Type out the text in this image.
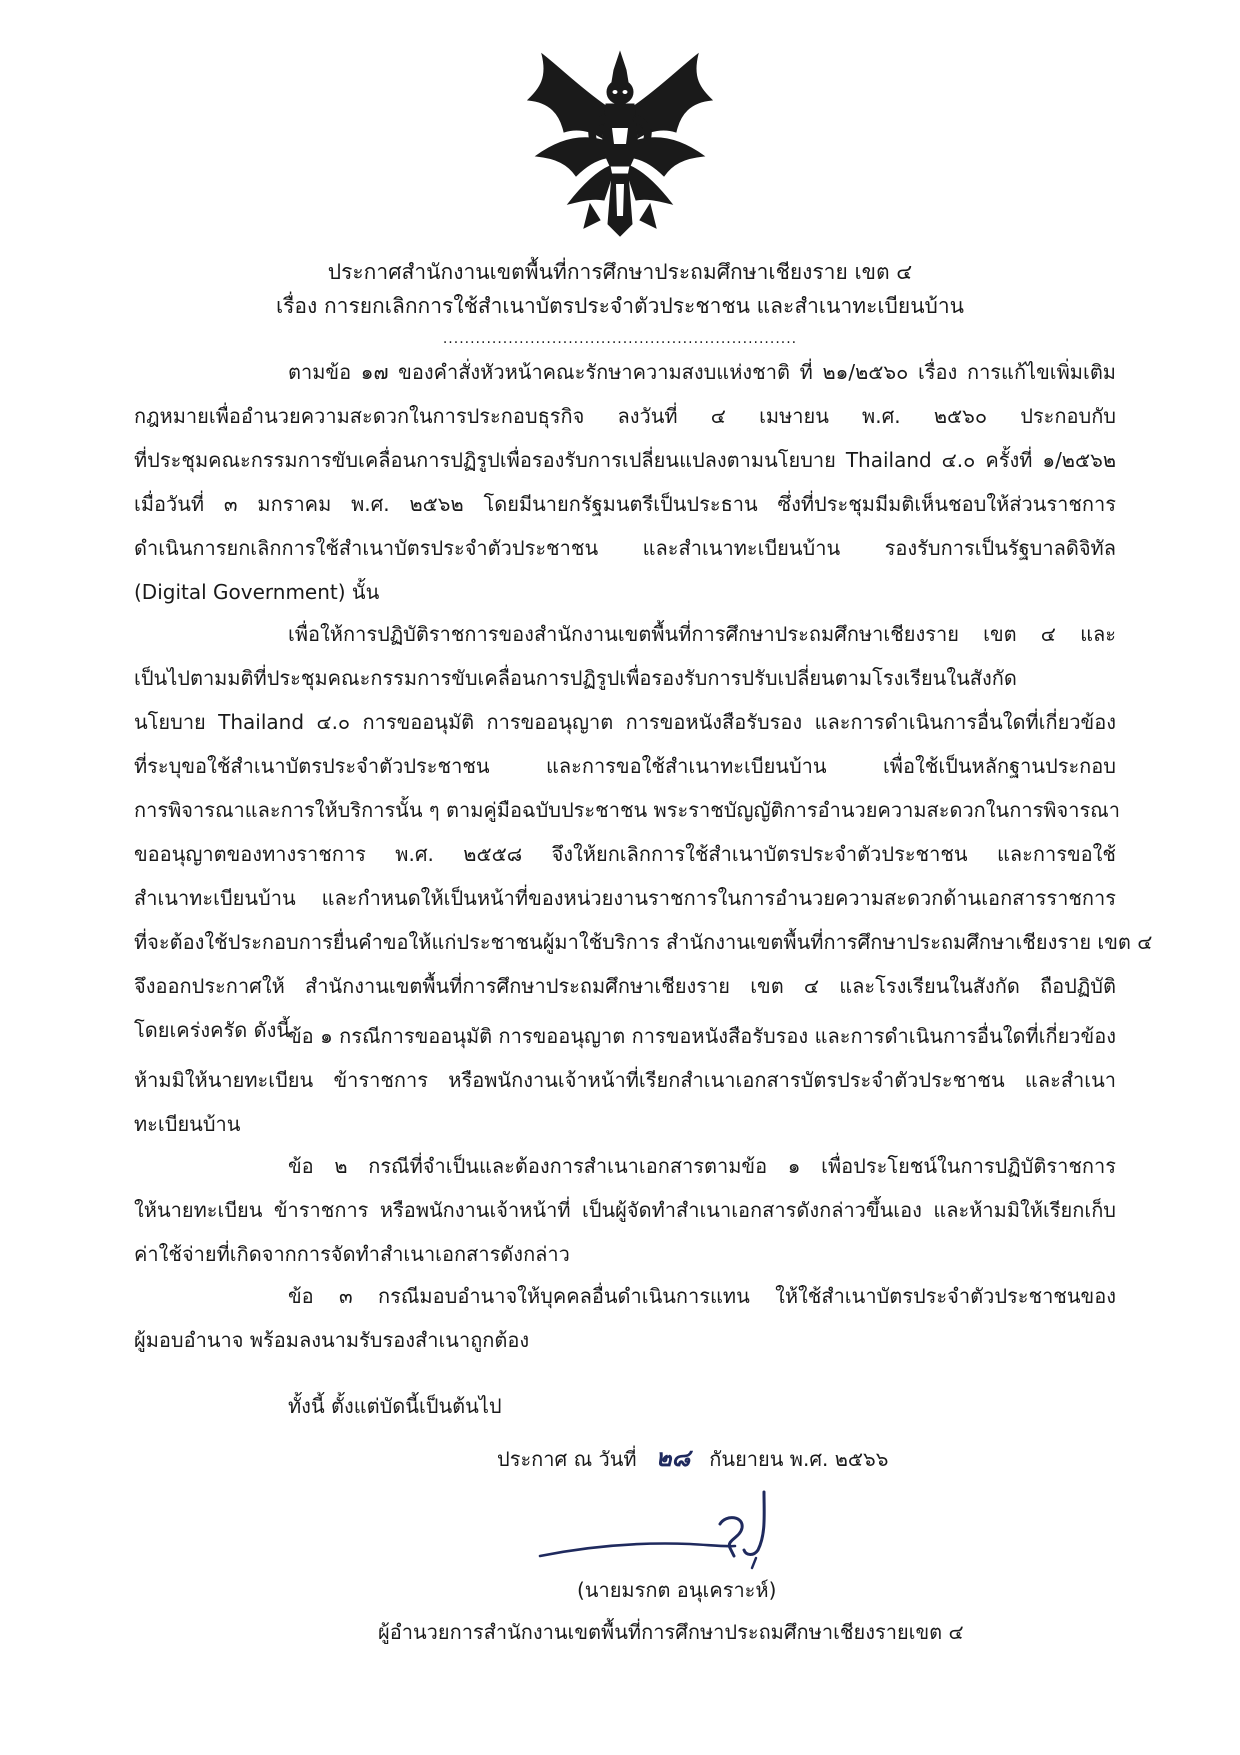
ประกาศสำนักงานเขตพื้นที่การศึกษาประถมศึกษาเชียงราย เขต ๔
เรื่อง การยกเลิกการใช้สำเนาบัตรประจำตัวประชาชน และสำเนาทะเบียนบ้าน
.................................................................
ตามข้อ ๑๗ ของคำสั่งหัวหน้าคณะรักษาความสงบแห่งชาติ ที่ ๒๑/๒๕๖๐ เรื่อง การแก้ไขเพิ่มเติม
กฎหมายเพื่ออำนวยความสะดวกในการประกอบธุรกิจ ลงวันที่ ๔ เมษายน พ.ศ. ๒๕๖๐ ประกอบกับ
ที่ประชุมคณะกรรมการขับเคลื่อนการปฏิรูปเพื่อรองรับการเปลี่ยนแปลงตามนโยบาย Thailand ๔.๐ ครั้งที่ ๑/๒๕๖๒
เมื่อวันที่ ๓ มกราคม พ.ศ. ๒๕๖๒ โดยมีนายกรัฐมนตรีเป็นประธาน ซึ่งที่ประชุมมีมติเห็นชอบให้ส่วนราชการ
ดำเนินการยกเลิกการใช้สำเนาบัตรประจำตัวประชาชน และสำเนาทะเบียนบ้าน รองรับการเป็นรัฐบาลดิจิทัล
(Digital Government) นั้น
เพื่อให้การปฏิบัติราชการของสำนักงานเขตพื้นที่การศึกษาประถมศึกษาเชียงราย เขต ๔ และ
เป็นไปตามมติที่ประชุมคณะกรรมการขับเคลื่อนการปฏิรูปเพื่อรองรับการปรับเปลี่ยนตามโรงเรียนในสังกัด
นโยบาย Thailand ๔.๐ การขออนุมัติ การขออนุญาต การขอหนังสือรับรอง และการดำเนินการอื่นใดที่เกี่ยวข้อง
ที่ระบุขอใช้สำเนาบัตรประจำตัวประชาชน และการขอใช้สำเนาทะเบียนบ้าน เพื่อใช้เป็นหลักฐานประกอบ
การพิจารณาและการให้บริการนั้น ๆ ตามคู่มือฉบับประชาชน พระราชบัญญัติการอำนวยความสะดวกในการพิจารณา
ขออนุญาตของทางราชการ พ.ศ. ๒๕๕๘ จึงให้ยกเลิกการใช้สำเนาบัตรประจำตัวประชาชน และการขอใช้
สำเนาทะเบียนบ้าน และกำหนดให้เป็นหน้าที่ของหน่วยงานราชการในการอำนวยความสะดวกด้านเอกสารราชการ
ที่จะต้องใช้ประกอบการยื่นคำขอให้แก่ประชาชนผู้มาใช้บริการ สำนักงานเขตพื้นที่การศึกษาประถมศึกษาเชียงราย เขต ๔
จึงออกประกาศให้ สำนักงานเขตพื้นที่การศึกษาประถมศึกษาเชียงราย เขต ๔ และโรงเรียนในสังกัด ถือปฏิบัติ
โดยเคร่งครัด ดังนี้
ข้อ ๑ กรณีการขออนุมัติ การขออนุญาต การขอหนังสือรับรอง และการดำเนินการอื่นใดที่เกี่ยวข้อง
ห้ามมิให้นายทะเบียน ข้าราชการ หรือพนักงานเจ้าหน้าที่เรียกสำเนาเอกสารบัตรประจำตัวประชาชน และสำเนา
ทะเบียนบ้าน
ข้อ ๒ กรณีที่จำเป็นและต้องการสำเนาเอกสารตามข้อ ๑ เพื่อประโยชน์ในการปฏิบัติราชการ
ให้นายทะเบียน ข้าราชการ หรือพนักงานเจ้าหน้าที่ เป็นผู้จัดทำสำเนาเอกสารดังกล่าวขึ้นเอง และห้ามมิให้เรียกเก็บ
ค่าใช้จ่ายที่เกิดจากการจัดทำสำเนาเอกสารดังกล่าว
ข้อ ๓ กรณีมอบอำนาจให้บุคคลอื่นดำเนินการแทน ให้ใช้สำเนาบัตรประจำตัวประชาชนของ
ผู้มอบอำนาจ พร้อมลงนามรับรองสำเนาถูกต้อง
ทั้งนี้ ตั้งแต่บัดนี้เป็นต้นไป
ประกาศ ณ วันที่ ๒๘ กันยายน พ.ศ. ๒๕๖๖
(นายมรกต อนุเคราะห์)
ผู้อำนวยการสำนักงานเขตพื้นที่การศึกษาประถมศึกษาเชียงรายเขต ๔
